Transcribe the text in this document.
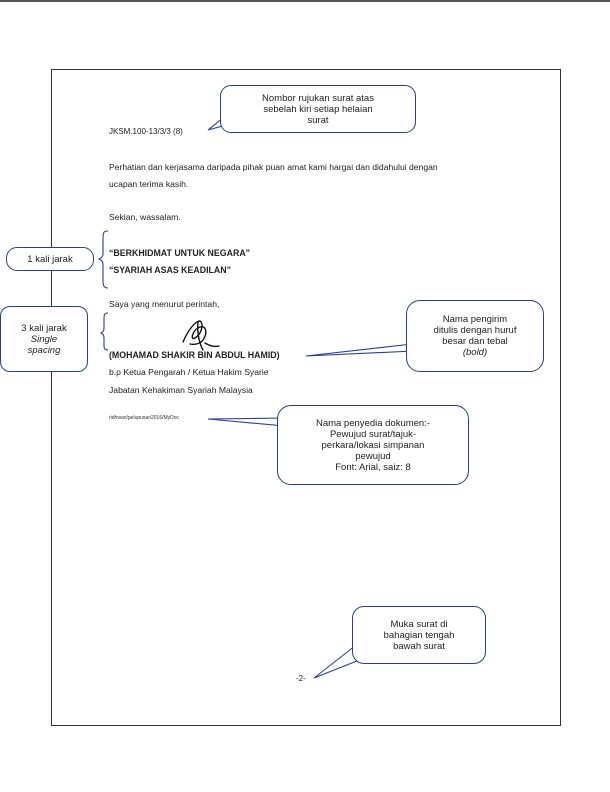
JKSM.100-13/3/3 (8)
Perhatian dan kerjasama daripada pihak puan amat kami hargai dan didahului dengan
ucapan terima kasih.
Sekian, wassalam.
“BERKHIDMAT UNTUK NEGARA”
“SYARIAH ASAS KEADILAN”
Saya yang menurut perintah,
(MOHAMAD SHAKIR BIN ABDUL HAMID)
b.p Ketua Pengarah / Ketua Hakim Syarie
Jabatan Kehakiman Syariah Malaysia
ridhwan/pelupusan2016/MyDoc
-2-
Nombor rujukan surat atas
sebelah kiri setiap helaian
surat
1 kali jarak
3 kali jarak
Single
spacing
Nama pengirim
ditulis dengan huruf
besar dan tebal
(bold)
Nama penyedia dokumen:-
Pewujud surat/tajuk-
perkara/lokasi simpanan
pewujud
Font: Arial, saiz: 8
Muka surat di
bahagian tengah
bawah surat
